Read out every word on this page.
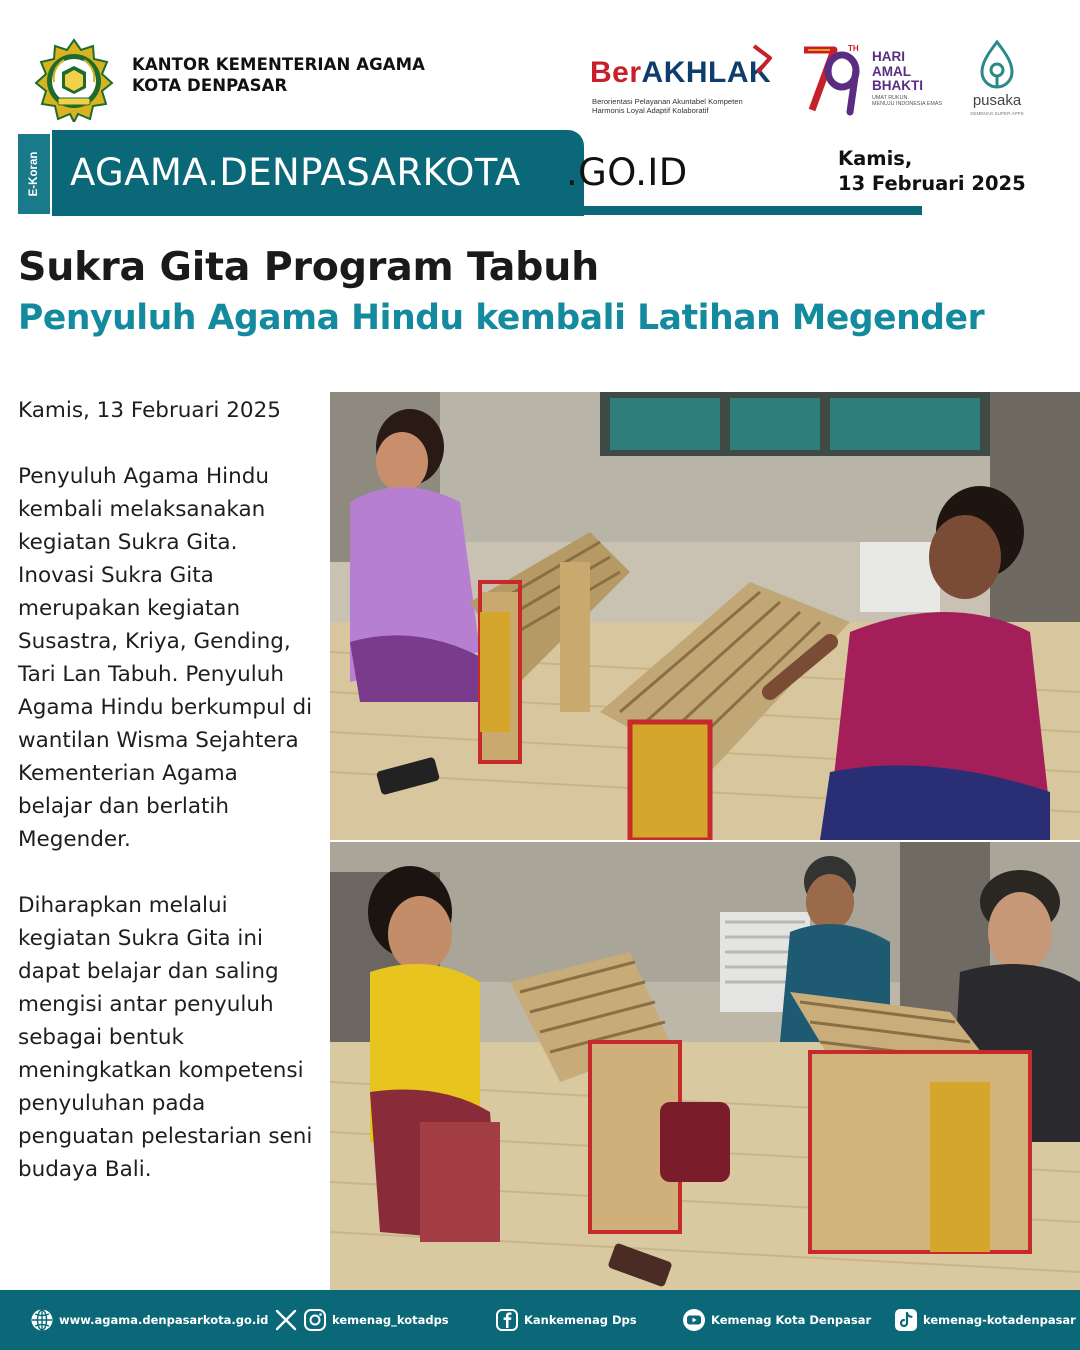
KANTOR KEMENTERIAN AGAMA
KOTA DENPASAR	BerAKHLAK
Berorientasi Pelayanan Akuntabel Kompeten
Harmonis Loyal Adaptif Kolaboratif
TH
HARI
AMAL
BHAKTI
UMAT RUKUN
MENUJU INDONESIA EMAS	pusaka
KEMENAG SUPER APPS
E-Koran AGAMA.DENPASARKOTA .GO.ID	Kamis,
13 Februari 2025
Sukra Gita Program Tabuh
Penyuluh Agama Hindu kembali Latihan Megender

Kamis, 13 Februari 2025

Penyuluh Agama Hindu kembali melaksanakan kegiatan Sukra Gita. Inovasi Sukra Gita merupakan kegiatan Susastra, Kriya, Gending, Tari Lan Tabuh. Penyuluh Agama Hindu berkumpul di wantilan Wisma Sejahtera Kementerian Agama belajar dan berlatih Megender.

Diharapkan melalui kegiatan Sukra Gita ini dapat belajar dan saling mengisi antar penyuluh sebagai bentuk meningkatkan kompetensi penyuluhan pada penguatan pelestarian seni budaya Bali.

www.agama.denpasarkota.go.id	kemenag_kotadps	Kankemenag Dps	Kemenag Kota Denpasar	kemenag-kotadenpasar
